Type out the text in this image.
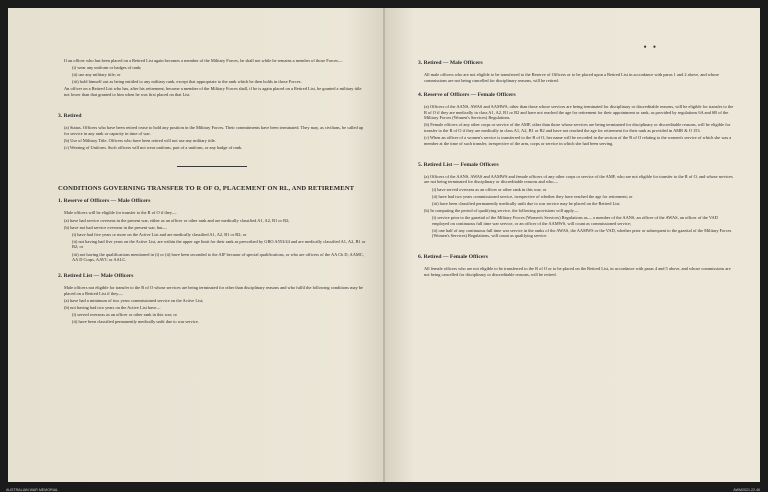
If an officer who has been placed on a Retired List again becomes a member of the Military Forces, he shall not while he remains a member of those Forces—

(i) wear any uniform or badges of rank;

(ii) use any military title; or

(iii) hold himself out as being entitled to any military rank, except that appropriate to the rank which he then holds in those Forces.

An officer on a Retired List who has, after his retirement, become a member of the Military Forces shall, if he is again placed on a Retired List, be granted a military title not lower than that granted to him when he was first placed on that List.

3. Retired

(a) Status. Officers who have been retired cease to hold any position in the Military Forces. Their commitments have been terminated. They may, as civilians, be called up for service in any rank or capacity in time of war.

(b) Use of Military Title. Officers who have been retired will not use any military title.

(c) Wearing of Uniform. Such officers will not wear uniform, part of a uniform, or any badge of rank.

CONDITIONS GOVERNING TRANSFER TO R OF O, PLACEMENT ON RL, AND RETIREMENT

1. Reserve of Officers — Male Officers

Male officers will be eligible for transfer to the R of O if they—

(a) have had service overseas in the present war, either as an officer or other rank and are medically classified A1, A2, B1 or B2;

(b) have not had service overseas in the present war, but—

(i) have had five years or more on the Active List and are medically classified A1, A2, B1 or B2; or

(ii) not having had five years on the Active List, are within the upper age limit for their rank as prescribed by GRO A553/44 and are medically classified A1, A2, B1 or B2; or

(iii) not having the qualifications mentioned in (i) or (ii) have been seconded to the AIF because of special qualifications, or who are officers of the AA Ch D, AAMC, AA D Corps, AAVC or AALC.

2. Retired List — Male Officers

Male officers not eligible for transfer to the R of O whose services are being terminated for other than disciplinary reasons and who fulfil the following conditions may be placed on a Retired List if they—

(a) have had a minimum of two years commissioned service on the Active List;

(b) not having had two years on the Active List have—

(i) served overseas as an officer or other rank in this war; or

(ii) have been classified permanently medically unfit due to war service.

• •

3. Retired — Male Officers

All male officers who are not eligible to be transferred to the Reserve of Officers or to be placed upon a Retired List in accordance with paras 1 and 2 above, and whose commissions are not being cancelled for disciplinary reasons, will be retired.

4. Reserve of Officers — Female Officers

(a) Officers of the AANS, AWAS and AAMWS, other than those whose services are being terminated for disciplinary or discreditable reasons, will be eligible for transfer to the R of O if they are medically in class A1, A2, B1 or B2 and have not reached the age for retirement for their appointment or rank, as provided by regulations 6A and 6B of the Military Forces (Women's Services) Regulations.

(b) Female officers of any other corps or service of the AMF, other than those whose services are being terminated for disciplinary or discreditable reasons, will be eligible for transfer to the R of O if they are medically in class A1, A2, B1 or B2 and have not reached the age for retirement for their rank as provided in AMR & O 153.

(c) When an officer of a women's service is transferred to the R of O, her name will be recorded in the section of the R of O relating to the women's service of which she was a member at the time of such transfer, irrespective of the arm, corps or service in which she had been serving.

5. Retired List — Female Officers

(a) Officers of the AANS, AWAS and AAMWS and female officers of any other corps or service of the AMF, who are not eligible for transfer to the R of O, and whose services are not being terminated for disciplinary or discreditable reasons and who—

(i) have served overseas as an officer or other rank in this war; or

(ii) have had two years commissioned service, irrespective of whether they have reached the age for retirement; or

(iii) have been classified permanently medically unfit due to war service may be placed on the Retired List.

(b) In computing the period of qualifying service, the following provisions will apply—

(i) service prior to the gazettal of the Military Forces (Women's Services) Regulations as— a member of the AANS, an officer of the AWAS, an officer of the VAD employed on continuous full time war service, or an officer of the AAMWS, will count as commissioned service;

(ii) one half of any continuous full time war service in the ranks of the AWAS, the AAMWS or the VAD, whether prior or subsequent to the gazettal of the Military Forces (Women's Services) Regulations, will count as qualifying service.

6. Retired — Female Officers

All female officers who are not eligible to be transferred to the R of O or to be placed on the Retired List, in accordance with paras 4 and 5 above, and whose commissions are not being cancelled for disciplinary or discreditable reasons, will be retired.

AUSTRALIAN WAR MEMORIAL	AWM2021.22.46
